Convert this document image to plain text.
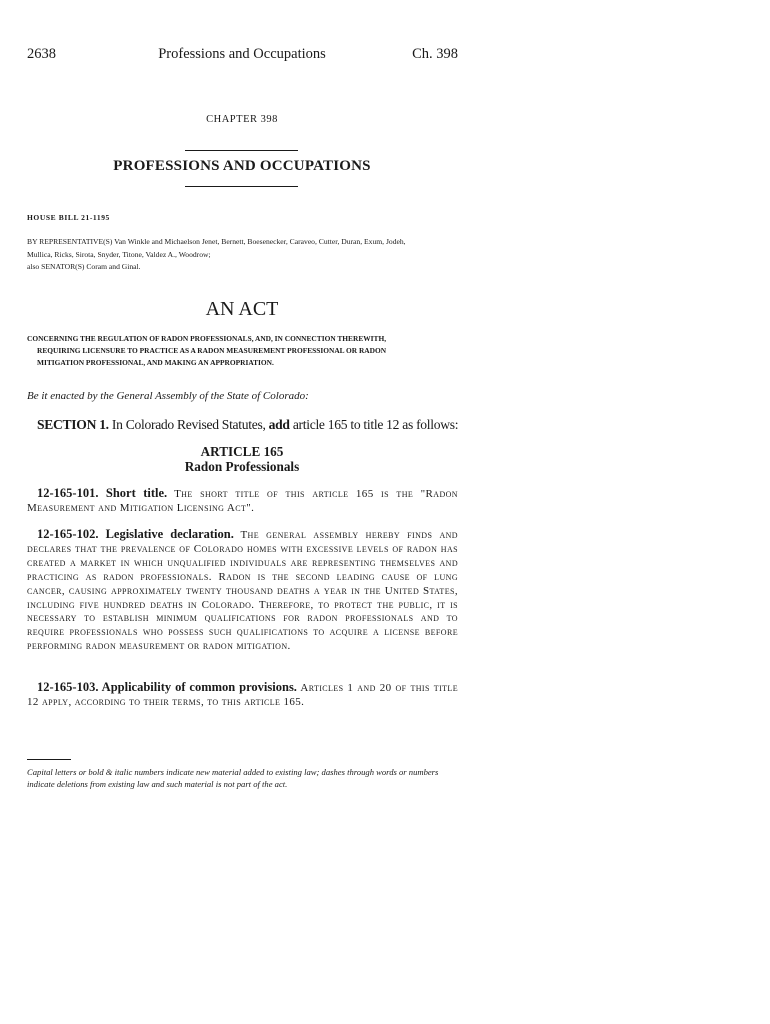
2638	Professions and Occupations	Ch. 398
CHAPTER 398
PROFESSIONS AND OCCUPATIONS
HOUSE BILL 21-1195
BY REPRESENTATIVE(S) Van Winkle and Michaelson Jenet, Bernett, Boesenecker, Caraveo, Cutter, Duran, Exum, Jodeh,
Mullica, Ricks, Sirota, Snyder, Titone, Valdez A., Woodrow;
also SENATOR(S) Coram and Ginal.
AN ACT
CONCERNING THE REGULATION OF RADON PROFESSIONALS, AND, IN CONNECTION THEREWITH,
REQUIRING LICENSURE TO PRACTICE AS A RADON MEASUREMENT PROFESSIONAL OR RADON
MITIGATION PROFESSIONAL, AND MAKING AN APPROPRIATION.
Be it enacted by the General Assembly of the State of Colorado:
SECTION 1. In Colorado Revised Statutes, add article 165 to title 12 as follows:
ARTICLE 165
Radon Professionals
12-165-101. Short title. The short title of this article 165 is the "Radon Measurement and Mitigation Licensing Act".
12-165-102. Legislative declaration. The general assembly hereby finds and declares that the prevalence of Colorado homes with excessive levels of radon has created a market in which unqualified individuals are representing themselves and practicing as radon professionals. Radon is the second leading cause of lung cancer, causing approximately twenty thousand deaths a year in the United States, including five hundred deaths in Colorado. Therefore, to protect the public, it is necessary to establish minimum qualifications for radon professionals and to require professionals who possess such qualifications to acquire a license before performing radon measurement or radon mitigation.
12-165-103. Applicability of common provisions. Articles 1 and 20 of this title 12 apply, according to their terms, to this article 165.
Capital letters or bold & italic numbers indicate new material added to existing law; dashes through words or numbers indicate deletions from existing law and such material is not part of the act.
